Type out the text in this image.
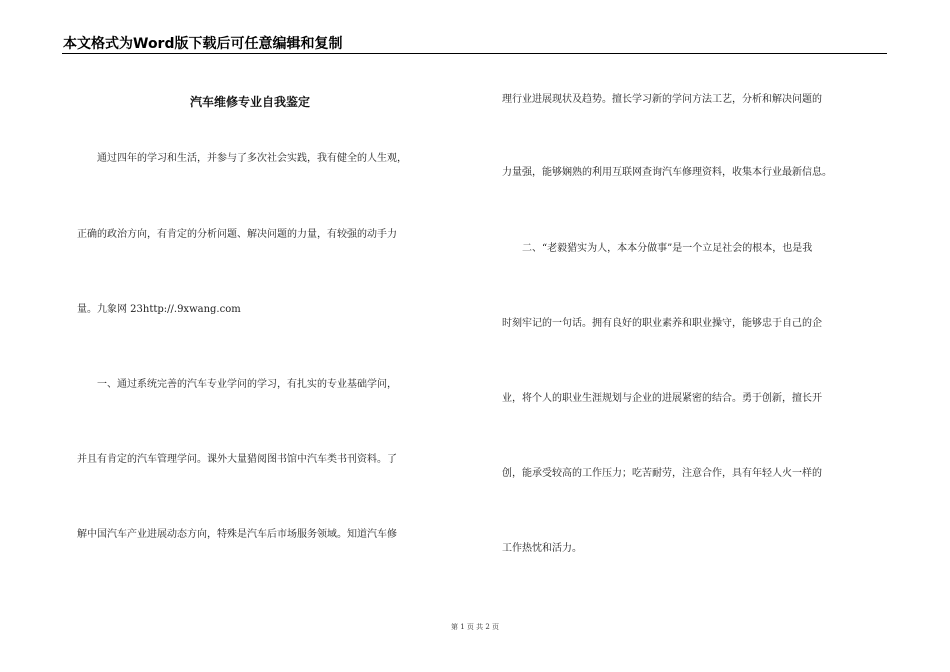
本文格式为Word版下载后可任意编辑和复制
汽车维修专业自我鉴定
通过四年的学习和生活，并参与了多次社会实践，我有健全的人生观，
正确的政治方向，有肯定的分析问题、解决问题的力量，有较强的动手力
量。九象网 23http://.9xwang.com
一、通过系统完善的汽车专业学问的学习，有扎实的专业基础学问，
并且有肯定的汽车管理学问。课外大量猎阅图书馆中汽车类书刊资料。了
解中国汽车产业进展动态方向，特殊是汽车后市场服务领域。知道汽车修
理行业进展现状及趋势。擅长学习新的学问方法工艺，分析和解决问题的
力量强，能够娴熟的利用互联网查询汽车修理资料，收集本行业最新信息。
二、“老毅猎实为人，本本分做事”是一个立足社会的根本，也是我
时刻牢记的一句话。拥有良好的职业素养和职业操守，能够忠于自己的企
业，将个人的职业生涯规划与企业的进展紧密的结合。勇于创新，擅长开
创，能承受较高的工作压力；吃苦耐劳，注意合作，具有年轻人火一样的
工作热忱和活力。
第 1 页 共 2 页
